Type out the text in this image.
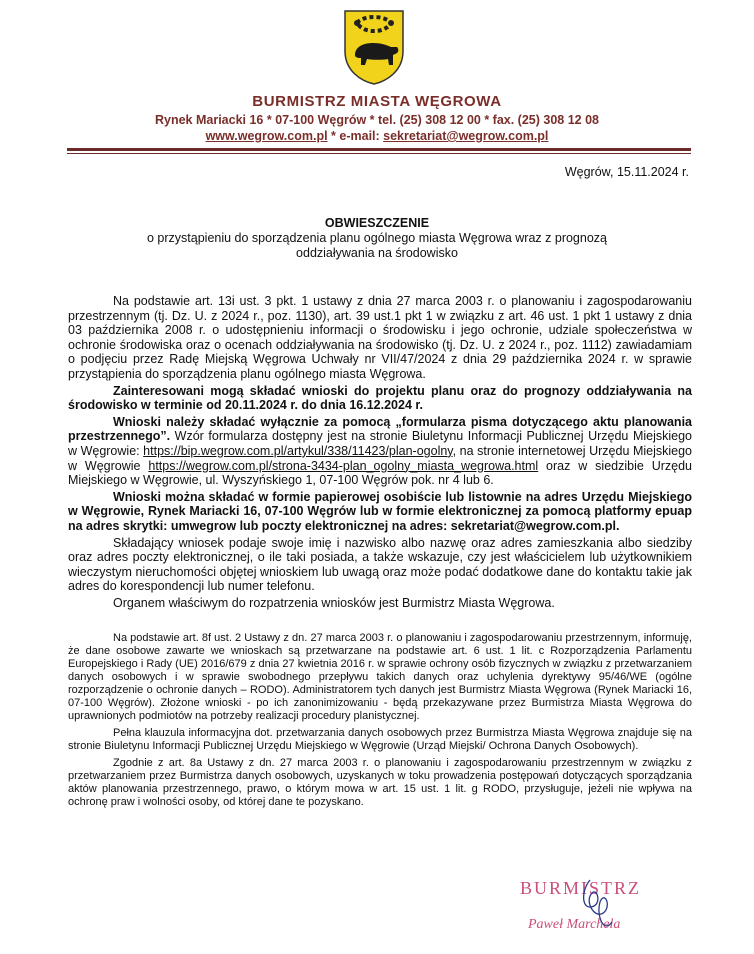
BURMISTRZ MIASTA WĘGROWA
Rynek Mariacki 16 * 07-100 Węgrów * tel. (25) 308 12 00 * fax. (25) 308 12 08
www.wegrow.com.pl * e-mail: sekretariat@wegrow.com.pl
Węgrów, 15.11.2024 r.
OBWIESZCZENIE
o przystąpieniu do sporządzenia planu ogólnego miasta Węgrowa wraz z prognozą oddziaływania na środowisko

Na podstawie art. 13i ust. 3 pkt. 1 ustawy z dnia 27 marca 2003 r. o planowaniu i zagospodarowaniu przestrzennym (tj. Dz. U. z 2024 r., poz. 1130), art. 39 ust.1 pkt 1 w związku z art. 46 ust. 1 pkt 1 ustawy z dnia 03 października 2008 r. o udostępnieniu informacji o środowisku i jego ochronie, udziale społeczeństwa w ochronie środowiska oraz o ocenach oddziaływania na środowisko (tj. Dz. U. z 2024 r., poz. 1112) zawiadamiam o podjęciu przez Radę Miejską Węgrowa Uchwały nr VII/47/2024 z dnia 29 października 2024 r. w sprawie przystąpienia do sporządzenia planu ogólnego miasta Węgrowa.

Zainteresowani mogą składać wnioski do projektu planu oraz do prognozy oddziaływania na środowisko w terminie od 20.11.2024 r. do dnia 16.12.2024 r.

Wnioski należy składać wyłącznie za pomocą „formularza pisma dotyczącego aktu planowania przestrzennego”. Wzór formularza dostępny jest na stronie Biuletynu Informacji Publicznej Urzędu Miejskiego w Węgrowie: https://bip.wegrow.com.pl/artykul/338/11423/plan-ogolny, na stronie internetowej Urzędu Miejskiego w Węgrowie https://wegrow.com.pl/strona-3434-plan_ogolny_miasta_wegrowa.html oraz w siedzibie Urzędu Miejskiego w Węgrowie, ul. Wyszyńskiego 1, 07-100 Węgrów pok. nr 4 lub 6.

Wnioski można składać w formie papierowej osobiście lub listownie na adres Urzędu Miejskiego w Węgrowie, Rynek Mariacki 16, 07-100 Węgrów lub w formie elektronicznej za pomocą platformy epuap na adres skrytki: umwegrow lub poczty elektronicznej na adres: sekretariat@wegrow.com.pl.

Składający wniosek podaje swoje imię i nazwisko albo nazwę oraz adres zamieszkania albo siedziby oraz adres poczty elektronicznej, o ile taki posiada, a także wskazuje, czy jest właścicielem lub użytkownikiem wieczystym nieruchomości objętej wnioskiem lub uwagą oraz może podać dodatkowe dane do kontaktu takie jak adres do korespondencji lub numer telefonu.

Organem właściwym do rozpatrzenia wniosków jest Burmistrz Miasta Węgrowa.

Na podstawie art. 8f ust. 2 Ustawy z dn. 27 marca 2003 r. o planowaniu i zagospodarowaniu przestrzennym, informuję, że dane osobowe zawarte we wnioskach są przetwarzane na podstawie art. 6 ust. 1 lit. c Rozporządzenia Parlamentu Europejskiego i Rady (UE) 2016/679 z dnia 27 kwietnia 2016 r. w sprawie ochrony osób fizycznych w związku z przetwarzaniem danych osobowych i w sprawie swobodnego przepływu takich danych oraz uchylenia dyrektywy 95/46/WE (ogólne rozporządzenie o ochronie danych – RODO). Administratorem tych danych jest Burmistrz Miasta Węgrowa (Rynek Mariacki 16, 07-100 Węgrów). Złożone wnioski - po ich zanonimizowaniu - będą przekazywane przez Burmistrza Miasta Węgrowa do uprawnionych podmiotów na potrzeby realizacji procedury planistycznej.

Pełna klauzula informacyjna dot. przetwarzania danych osobowych przez Burmistrza Miasta Węgrowa znajduje się na stronie Biuletynu Informacji Publicznej Urzędu Miejskiego w Węgrowie (Urząd Miejski/ Ochrona Danych Osobowych).

Zgodnie z art. 8a Ustawy z dn. 27 marca 2003 r. o planowaniu i zagospodarowaniu przestrzennym w związku z przetwarzaniem przez Burmistrza danych osobowych, uzyskanych w toku prowadzenia postępowań dotyczących sporządzania aktów planowania przestrzennego, prawo, o którym mowa w art. 15 ust. 1 lit. g RODO, przysługuje, jeżeli nie wpływa na ochronę praw i wolności osoby, od której dane te pozyskano.

BURMISTRZ
Paweł Marchela
